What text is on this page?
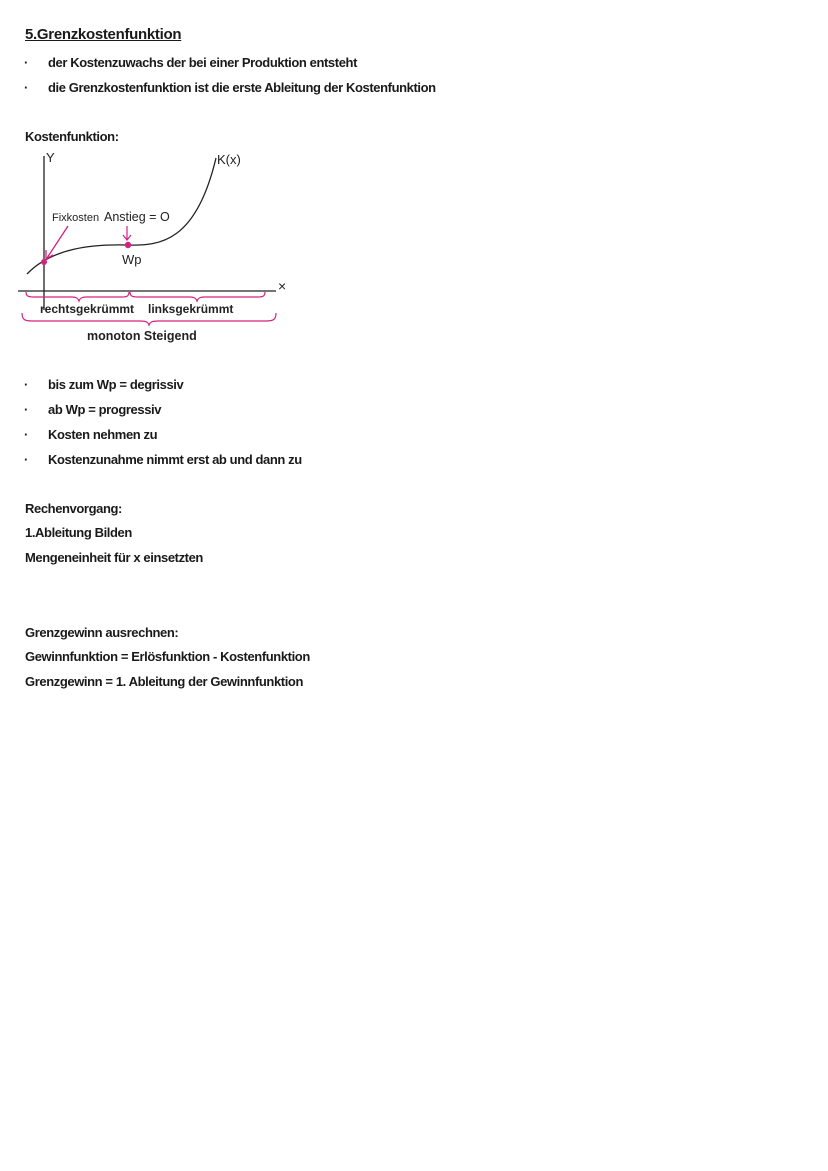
5.Grenzkostenfunktion
· der Kostenzuwachs der bei einer Produktion entsteht
· die Grenzkostenfunktion ist die erste Ableitung der Kostenfunktion
Kostenfunktion:
Y
×
K(x)
Fixkosten Anstieg = O
Wp
rechtsgekrümmt linksgekrümmt
monoton Steigend
· bis zum Wp = degrissiv
· ab Wp = progressiv
· Kosten nehmen zu
· Kostenzunahme nimmt erst ab und dann zu
Rechenvorgang:
1.Ableitung Bilden
Mengeneinheit für x einsetzten
Grenzgewinn ausrechnen:
Gewinnfunktion = Erlösfunktion - Kostenfunktion
Grenzgewinn = 1. Ableitung der Gewinnfunktion
